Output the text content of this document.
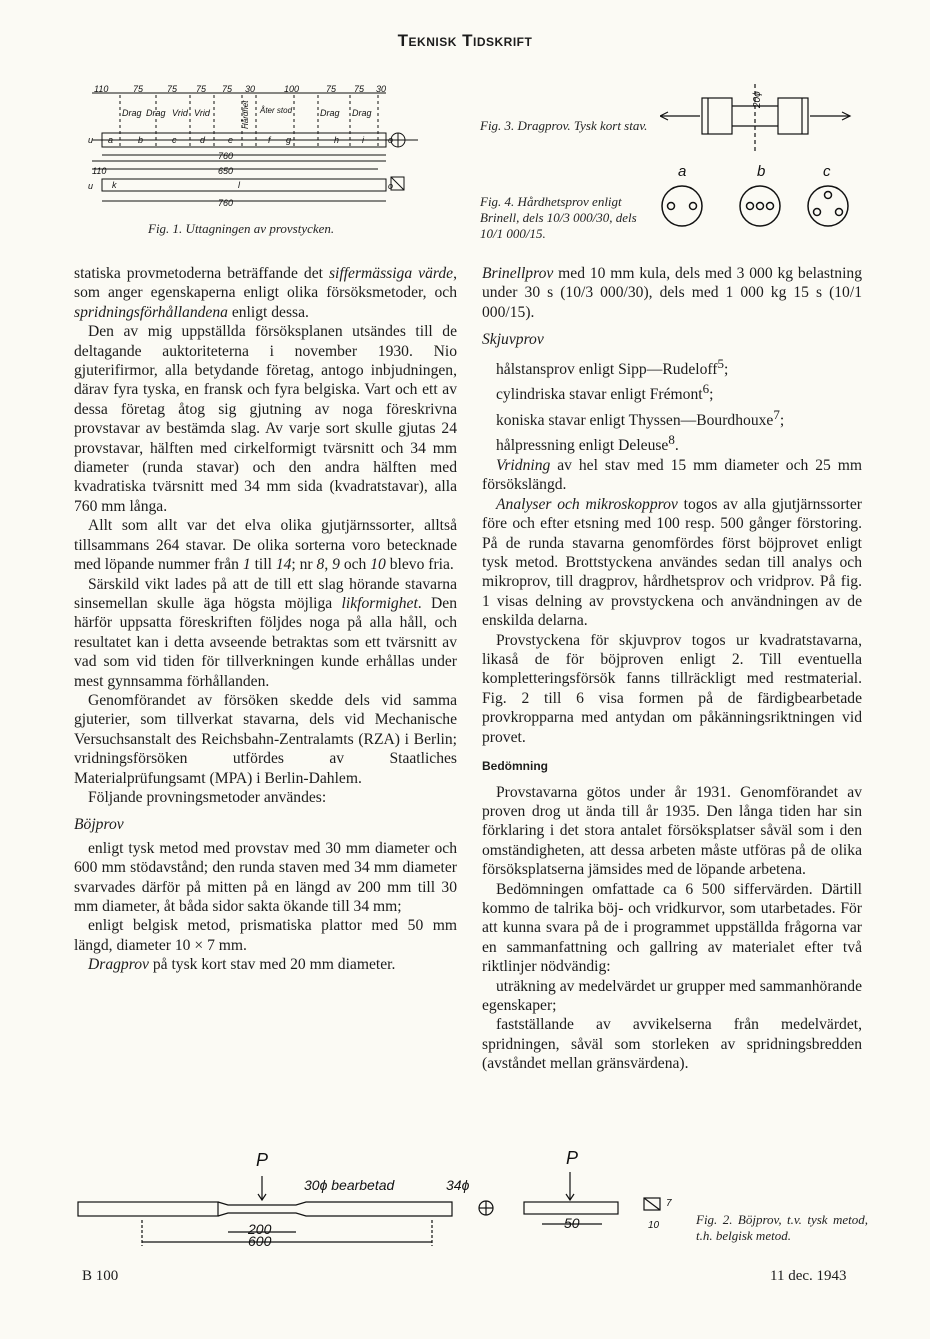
Teknisk Tidskrift
110	75	75 75 75 30	100	75 75 30
Drag Drag Vrid Vrid	Hårdhet Åter stod	Drag Drag
a	b	c	d	e	f g	h	i
760
110	650
k	l
760
u	o
u	o
Fig. 1. Uttagningen av provstycken.
20ϕ
Fig. 3. Dragprov. Tysk kort stav.
a	b	c
Fig. 4. Hårdhetsprov enligt Brinell, dels 10/3 000/30, dels 10/1 000/15.

statiska provmetoderna beträffande det siffermässiga värde, som anger egenskaperna enligt olika försöksmetoder, och spridningsförhållandena enligt dessa.

Den av mig uppställda försöksplanen utsändes till de deltagande auktoriteterna i november 1930. Nio gjuterifirmor, alla betydande företag, antogo inbjudningen, därav fyra tyska, en fransk och fyra belgiska. Vart och ett av dessa företag åtog sig gjutning av noga föreskrivna provstavar av bestämda slag. Av varje sort skulle gjutas 24 provstavar, hälften med cirkelformigt tvärsnitt och 34 mm diameter (runda stavar) och den andra hälften med kvadratiska tvärsnitt med 34 mm sida (kvadratstavar), alla 760 mm långa.

Allt som allt var det elva olika gjutjärnssorter, alltså tillsammans 264 stavar. De olika sorterna voro betecknade med löpande nummer från 1 till 14; nr 8, 9 och 10 blevo fria.

Särskild vikt lades på att de till ett slag hörande stavarna sinsemellan skulle äga högsta möjliga likformighet. Den härför uppsatta föreskriften följdes noga på alla håll, och resultatet kan i detta avseende betraktas som ett tvärsnitt av vad som vid tiden för tillverkningen kunde erhållas under mest gynnsamma förhållanden.

Genomförandet av försöken skedde dels vid samma gjuterier, som tillverkat stavarna, dels vid Mechanische Versuchsanstalt des Reichsbahn-Zentralamts (RZA) i Berlin; vridningsförsöken utfördes av Staatliches Materialprüfungsamt (MPA) i Berlin-Dahlem.

Följande provningsmetoder användes:

Böjprov

enligt tysk metod med provstav med 30 mm diameter och 600 mm stödavstånd; den runda staven med 34 mm diameter svarvades därför på mitten på en längd av 200 mm till 30 mm diameter, åt båda sidor sakta ökande till 34 mm;

enligt belgisk metod, prismatiska plattor med 50 mm längd, diameter 10 × 7 mm.

Dragprov på tysk kort stav med 20 mm diameter.

Brinellprov med 10 mm kula, dels med 3 000 kg belastning under 30 s (10/3 000/30), dels med 1 000 kg 15 s (10/1 000/15).

Skjuvprov

hålstansprov enligt Sipp—Rudeloff$^5$;

cylindriska stavar enligt Frémont$^6$;

koniska stavar enligt Thyssen—Bourdhouxe$^7$;

hålpressning enligt Deleuse$^8$.

Vridning av hel stav med 15 mm diameter och 25 mm försökslängd.

Analyser och mikroskopprov togos av alla gjutjärnssorter före och efter etsning med 100 resp. 500 gånger förstoring. På de runda stavarna genomfördes först böjprovet enligt tysk metod. Brottstyckena användes sedan till analys och mikroprov, till dragprov, hårdhetsprov och vridprov. På fig. 1 visas delning av provstyckena och användningen av de enskilda delarna.

Provstyckena för skjuvprov togos ur kvadratstavarna, likaså de för böjproven enligt 2. Till eventuella kompletteringsförsök fanns tillräckligt med restmaterial. Fig. 2 till 6 visa formen på de färdigbearbetade provkropparna med antydan om påkänningsriktningen vid provet.

Bedömning

Provstavarna götos under år 1931. Genomförandet av proven drog ut ända till år 1935. Den långa tiden har sin förklaring i det stora antalet försöksplatser såväl som i den omständigheten, att dessa arbeten måste utföras på de olika försöksplatserna jämsides med de löpande arbetena.

Bedömningen omfattade ca 6 500 siffervärden. Därtill kommo de talrika böj- och vridkurvor, som utarbetades. För att kunna svara på de i programmet uppställda frågorna var en sammanfattning och gallring av materialet efter två riktlinjer nödvändig:

uträkning av medelvärdet ur grupper med sammanhörande egenskaper;

fastställande av avvikelserna från medelvärdet, spridningen, såväl som storleken av spridningsbredden (avståndet mellan gränsvärdena).

P	P
30ϕ bearbetad	34ϕ
200
600
50	10
7
Fig. 2. Böjprov, t.v. tysk metod, t.h. belgisk metod.
B 100	11 dec. 1943
